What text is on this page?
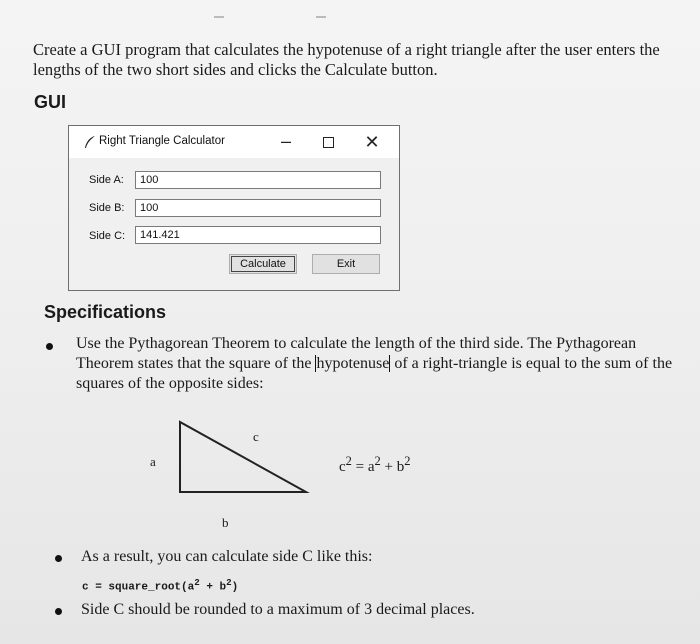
Create a GUI program that calculates the hypotenuse of a right triangle after the user enters the lengths of the two short sides and clicks the Calculate button.
GUI
Right Triangle Calculator	–	✕
Side A:	100
Side B:	100
Side C:	141.421
Calculate	Exit
Specifications
Use the Pythagorean Theorem to calculate the length of the third side. The Pythagorean Theorem states that the square of the hypotenuse of a right-triangle is equal to the sum of the squares of the opposite sides:
a
c
b
$c^2 = a^2 + b^2$
As a result, you can calculate side C like this:
$c = square\_root(a^2 + b^2)$
Side C should be rounded to a maximum of 3 decimal places.
